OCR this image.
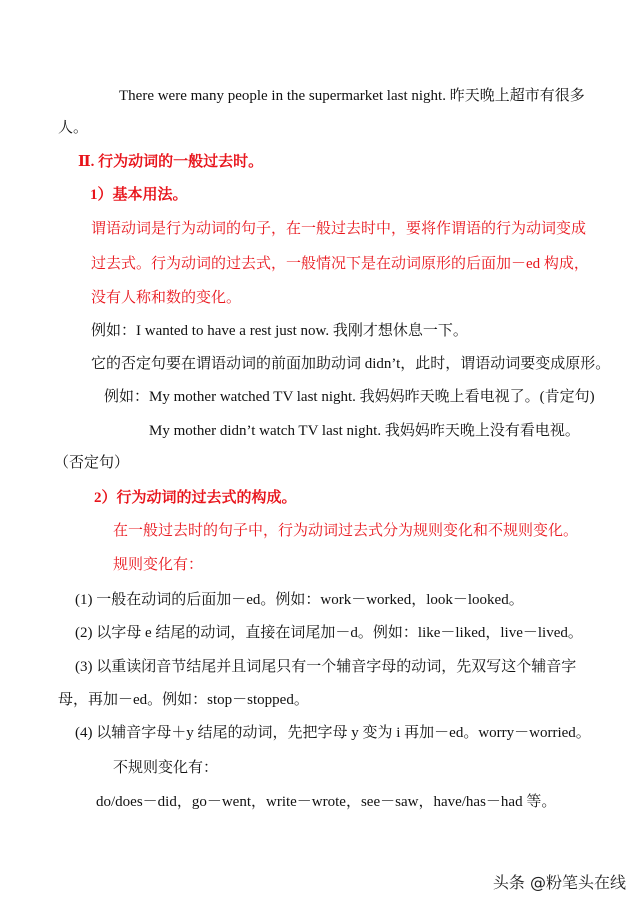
There were many people in the supermarket last night. 昨天晚上超市有很多
人。
Ⅱ. 行为动词的一般过去时。
1）基本用法。
谓语动词是行为动词的句子，在一般过去时中，要将作谓语的行为动词变成
过去式。行为动词的过去式，一般情况下是在动词原形的后面加－ed 构成，
没有人称和数的变化。
例如：I wanted to have a rest just now. 我刚才想休息一下。
它的否定句要在谓语动词的前面加助动词 didn’t，此时，谓语动词要变成原形。
例如：My mother watched TV last night. 我妈妈昨天晚上看电视了。(肯定句)
My mother didn’t watch TV last night. 我妈妈昨天晚上没有看电视。
（否定句）
2）行为动词的过去式的构成。
在一般过去时的句子中，行为动词过去式分为规则变化和不规则变化。
规则变化有：
(1) 一般在动词的后面加－ed。例如：work－worked，look－looked。
(2) 以字母 e 结尾的动词，直接在词尾加－d。例如：like－liked，live－lived。
(3) 以重读闭音节结尾并且词尾只有一个辅音字母的动词，先双写这个辅音字
母，再加－ed。例如：stop－stopped。
(4) 以辅音字母＋y 结尾的动词，先把字母 y 变为 i 再加－ed。worry－worried。
不规则变化有：
do/does－did，go－went，write－wrote，see－saw，have/has－had 等。
头条 @粉笔头在线
